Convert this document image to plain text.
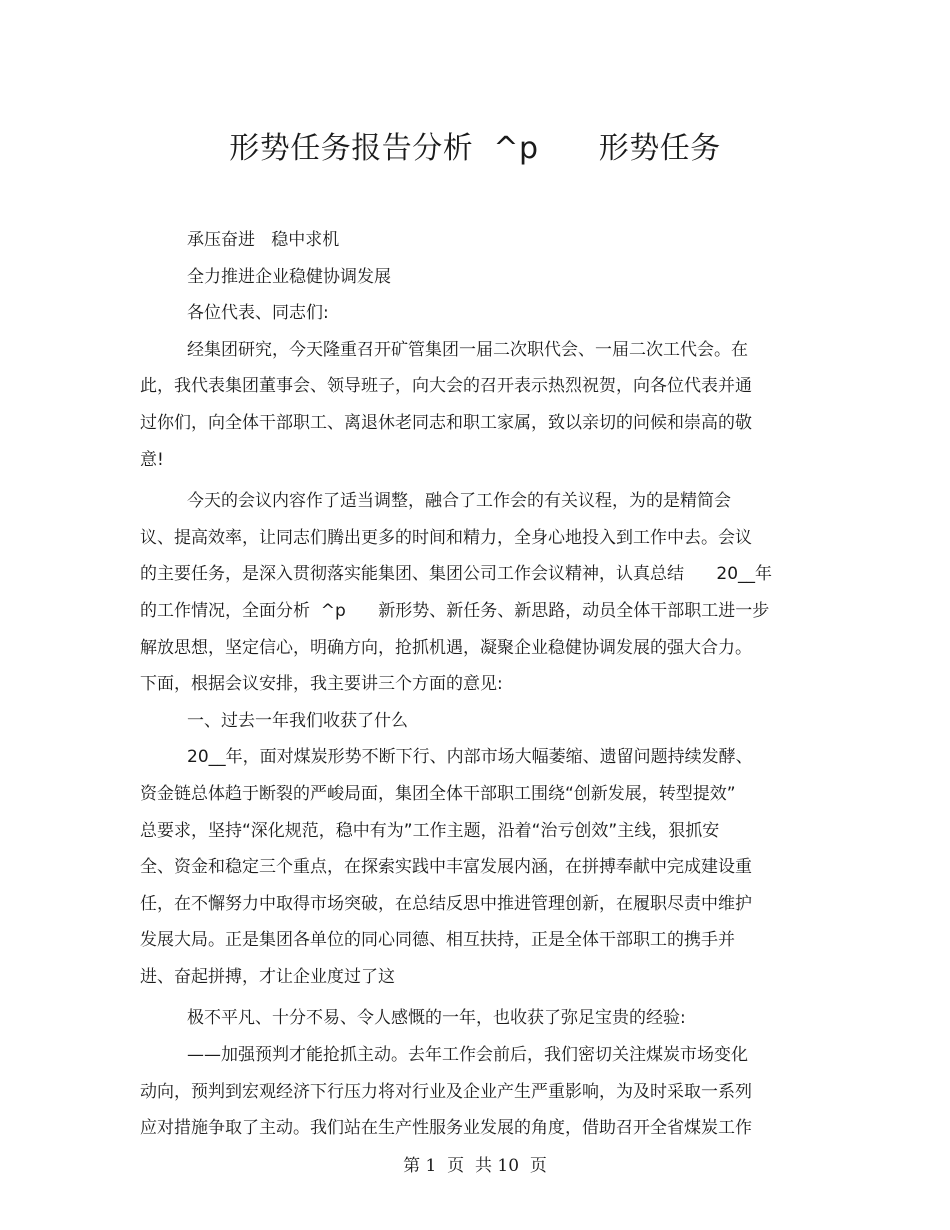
形势任务报告分析  ^p      形势任务
承压奋进   稳中求机
全力推进企业稳健协调发展
各位代表、同志们:
经集团研究，今天隆重召开矿管集团一届二次职代会、一届二次工代会。在
此，我代表集团董事会、领导班子，向大会的召开表示热烈祝贺，向各位代表并通
过你们，向全体干部职工、离退休老同志和职工家属，致以亲切的问候和崇高的敬
意!
今天的会议内容作了适当调整，融合了工作会的有关议程，为的是精简会
议、提高效率，让同志们腾出更多的时间和精力，全身心地投入到工作中去。会议
的主要任务，是深入贯彻落实能集团、集团公司工作会议精神，认真总结      20__年
的工作情况，全面分析  ^p      新形势、新任务、新思路，动员全体干部职工进一步
解放思想，坚定信心，明确方向，抢抓机遇，凝聚企业稳健协调发展的强大合力。
下面，根据会议安排，我主要讲三个方面的意见:
一、过去一年我们收获了什么
20__年，面对煤炭形势不断下行、内部市场大幅萎缩、遗留问题持续发酵、
资金链总体趋于断裂的严峻局面，集团全体干部职工围绕“创新发展，转型提效”
总要求，坚持“深化规范，稳中有为”工作主题，沿着“治亏创效”主线，狠抓安
全、资金和稳定三个重点，在探索实践中丰富发展内涵，在拼搏奉献中完成建设重
任，在不懈努力中取得市场突破，在总结反思中推进管理创新，在履职尽责中维护
发展大局。正是集团各单位的同心同德、相互扶持，正是全体干部职工的携手并
进、奋起拼搏，才让企业度过了这
极不平凡、十分不易、令人感慨的一年，也收获了弥足宝贵的经验:
——加强预判才能抢抓主动。去年工作会前后，我们密切关注煤炭市场变化
动向，预判到宏观经济下行压力将对行业及企业产生严重影响，为及时采取一系列
应对措施争取了主动。我们站在生产性服务业发展的角度，借助召开全省煤炭工作
第 1  页  共 10  页
